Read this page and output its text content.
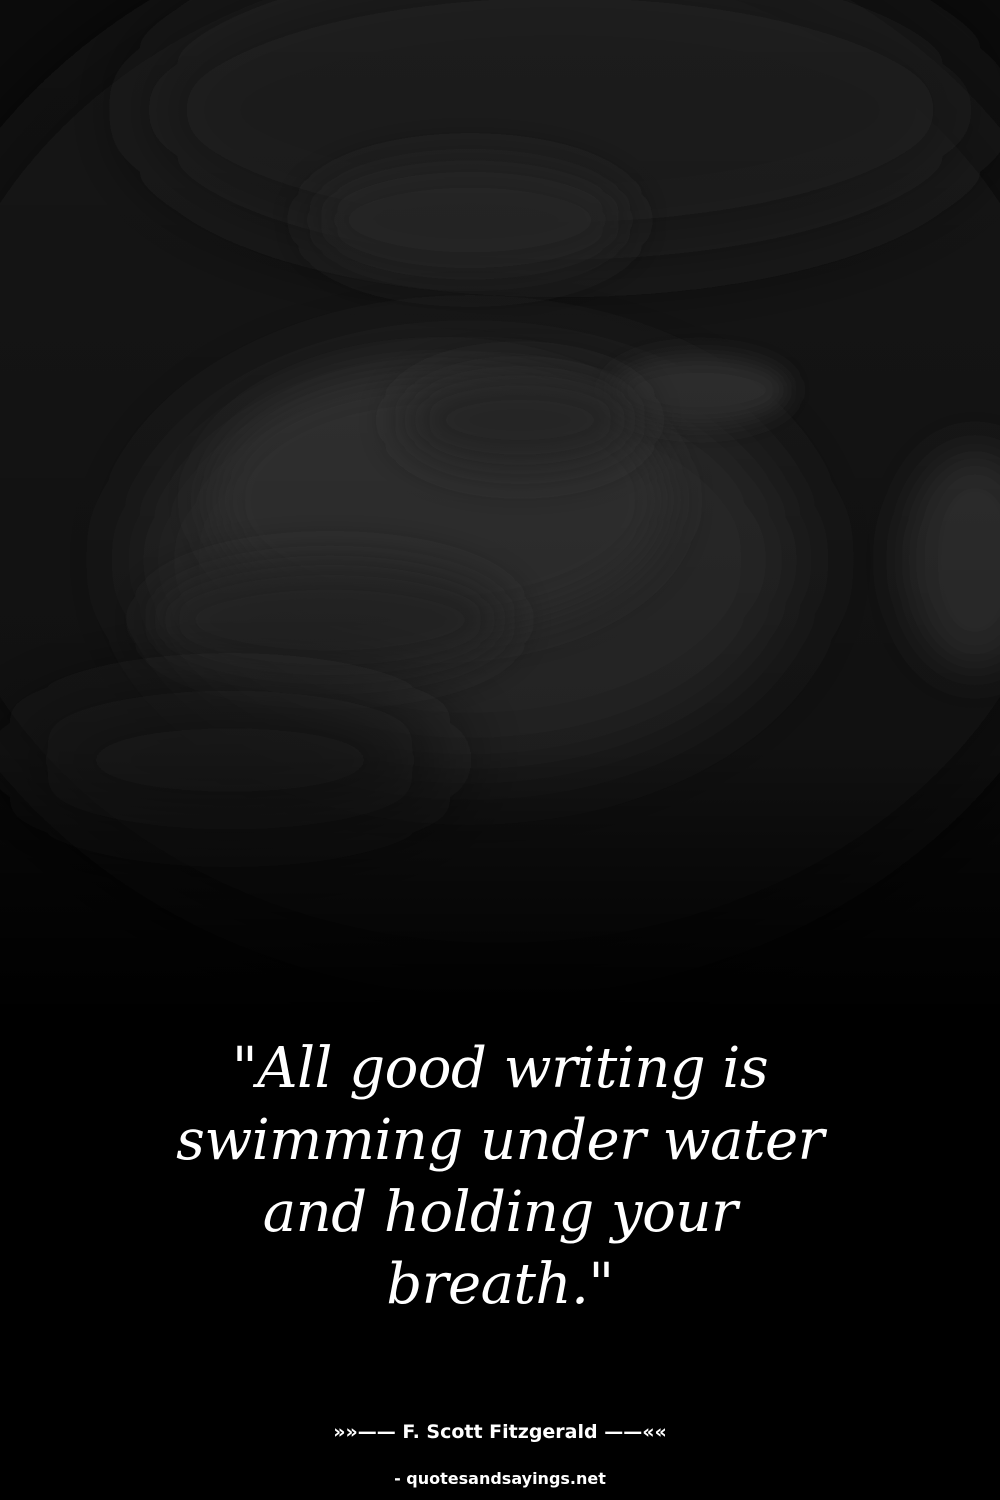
"All good writing is
swimming under water
and holding your
breath."

»»—— F. Scott Fitzgerald ——««
- quotesandsayings.net
